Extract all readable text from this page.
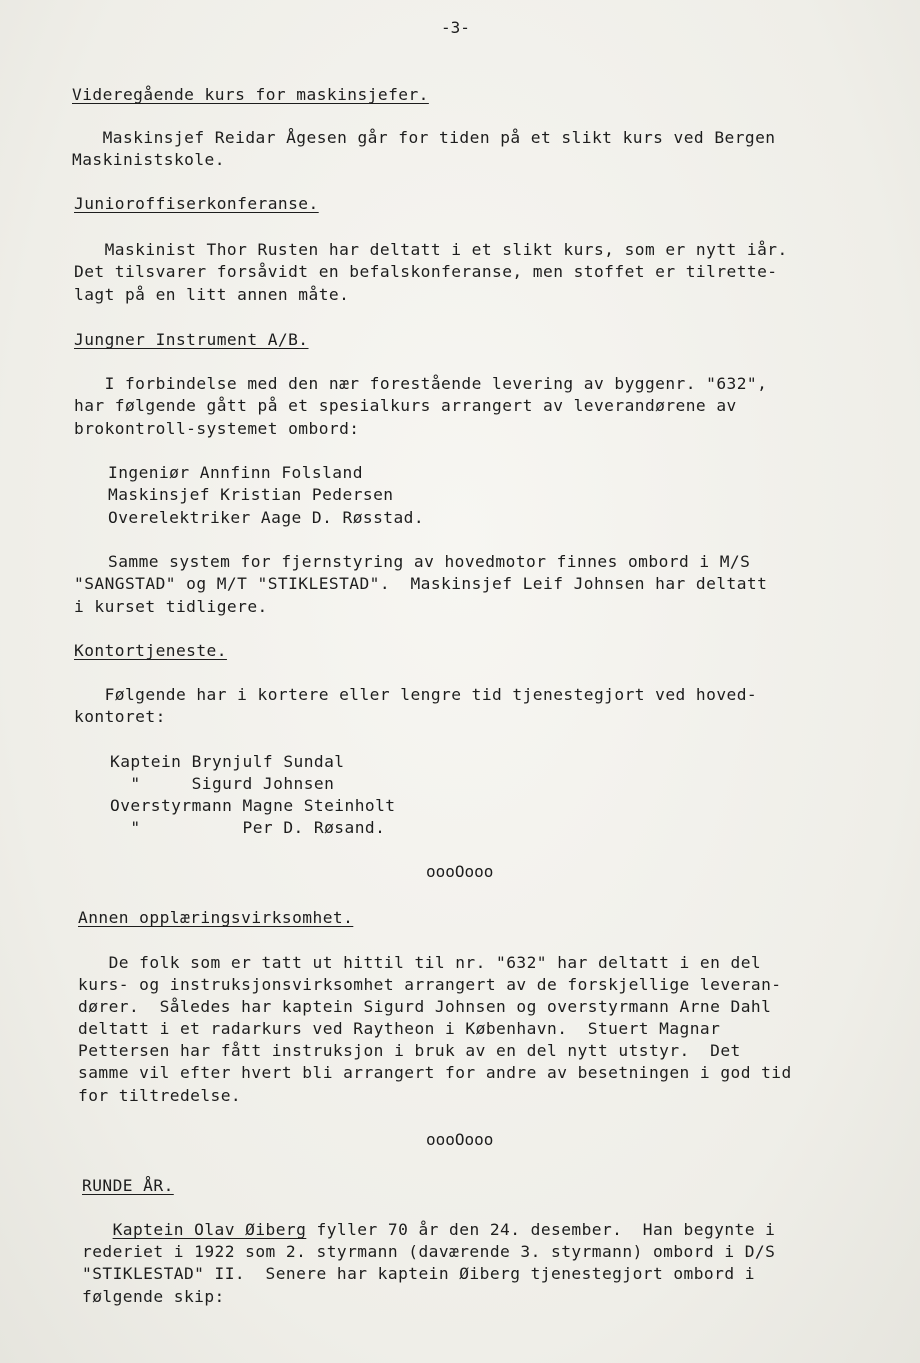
-3-
Videregående kurs for maskinsjefer.
Maskinsjef Reidar Ågesen går for tiden på et slikt kurs ved Bergen
Maskinistskole.
Junioroffiserkonferanse.
Maskinist Thor Rusten har deltatt i et slikt kurs, som er nytt iår.
Det tilsvarer forsåvidt en befalskonferanse, men stoffet er tilrette-
lagt på en litt annen måte.
Jungner Instrument A/B.
I forbindelse med den nær forestående levering av byggenr. "632",
har følgende gått på et spesialkurs arrangert av leverandørene av
brokontroll-systemet ombord:
Ingeniør Annfinn Folsland
Maskinsjef Kristian Pedersen
Overelektriker Aage D. Røsstad.
Samme system for fjernstyring av hovedmotor finnes ombord i M/S
"SANGSTAD" og M/T "STIKLESTAD".  Maskinsjef Leif Johnsen har deltatt
i kurset tidligere.
Kontortjeneste.
Følgende har i kortere eller lengre tid tjenestegjort ved hoved-
kontoret:
Kaptein Brynjulf Sundal
"     Sigurd Johnsen
Overstyrmann Magne Steinholt
"          Per D. Røsand.
oooOooo
Annen opplæringsvirksomhet.
De folk som er tatt ut hittil til nr. "632" har deltatt i en del
kurs- og instruksjonsvirksomhet arrangert av de forskjellige leveran-
dører.  Således har kaptein Sigurd Johnsen og overstyrmann Arne Dahl
deltatt i et radarkurs ved Raytheon i København.  Stuert Magnar
Pettersen har fått instruksjon i bruk av en del nytt utstyr.  Det
samme vil efter hvert bli arrangert for andre av besetningen i god tid
for tiltredelse.
oooOooo
RUNDE ÅR.
Kaptein Olav Øiberg fyller 70 år den 24. desember.  Han begynte i
rederiet i 1922 som 2. styrmann (daværende 3. styrmann) ombord i D/S
"STIKLESTAD" II.  Senere har kaptein Øiberg tjenestegjort ombord i
følgende skip:
